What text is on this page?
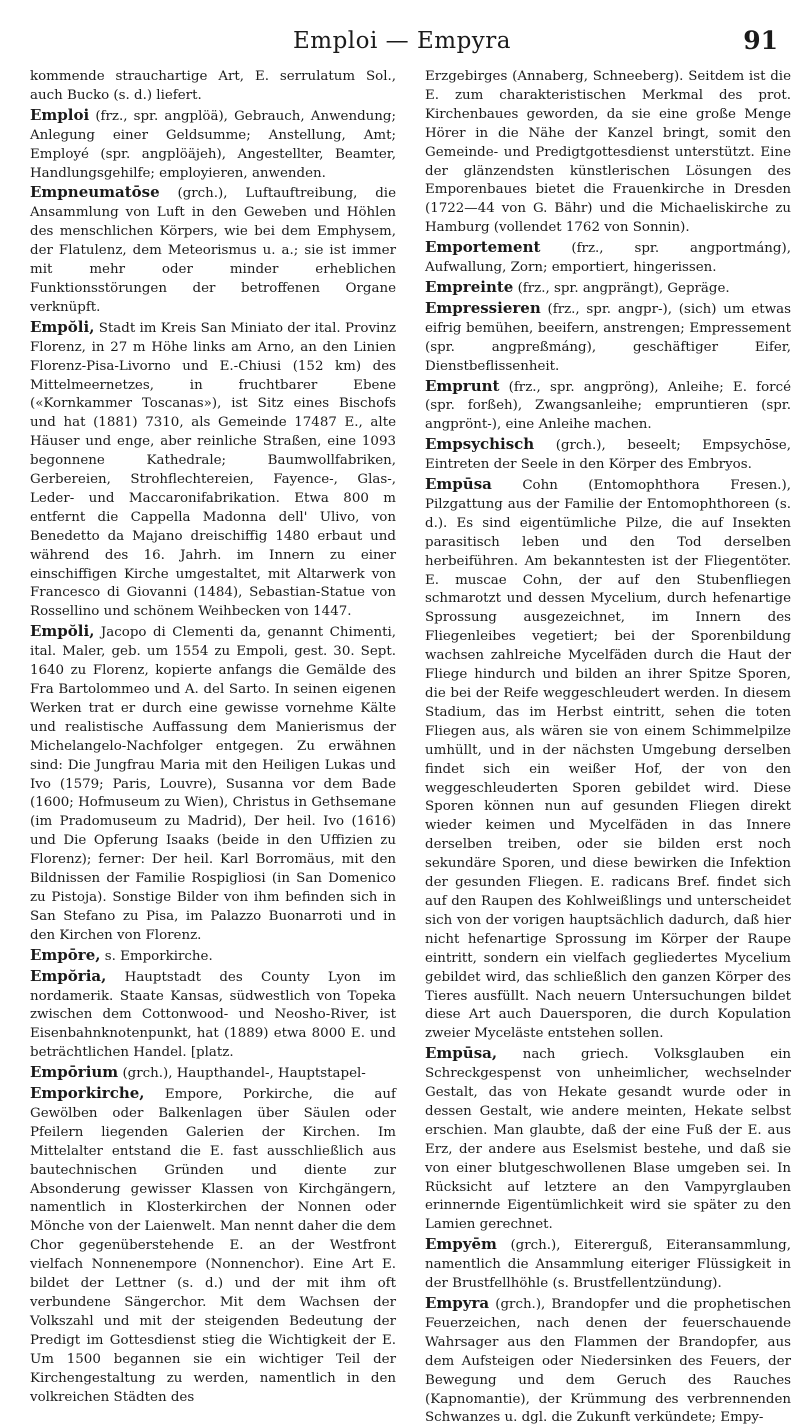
Emploi — Empyra	91

kommende strauchartige Art, E. serrulatum Sol., auch Bucko (s. d.) liefert.

Emploi (frz., spr. angplöä), Gebrauch, Anwendung; Anlegung einer Geldsumme; Anstellung, Amt; Employé (spr. angplöäjeh), Angestellter, Beamter, Handlungsgehilfe; employieren, anwenden.

Empneumatōse (grch.), Luftauftreibung, die Ansammlung von Luft in den Geweben und Höhlen des menschlichen Körpers, wie bei dem Emphysem, der Flatulenz, dem Meteorismus u. a.; sie ist immer mit mehr oder minder erheblichen Funktionsstörungen der betroffenen Organe verknüpft.

Empŏli, Stadt im Kreis San Miniato der ital. Provinz Florenz, in 27 m Höhe links am Arno, an den Linien Florenz-Pisa-Livorno und E.-Chiusi (152 km) des Mittelmeernetzes, in fruchtbarer Ebene («Kornkammer Toscanas»), ist Sitz eines Bischofs und hat (1881) 7310, als Gemeinde 17487 E., alte Häuser und enge, aber reinliche Straßen, eine 1093 begonnene Kathedrale; Baumwollfabriken, Gerbereien, Strohflechtereien, Fayence-, Glas-, Leder- und Maccaronifabrikation. Etwa 800 m entfernt die Cappella Madonna dell' Ulivo, von Benedetto da Majano dreischiffig 1480 erbaut und während des 16. Jahrh. im Innern zu einer einschiffigen Kirche umgestaltet, mit Altarwerk von Francesco di Giovanni (1484), Sebastian-Statue von Rossellino und schönem Weihbecken von 1447.

Empŏli, Jacopo di Clementi da, genannt Chimenti, ital. Maler, geb. um 1554 zu Empoli, gest. 30. Sept. 1640 zu Florenz, kopierte anfangs die Gemälde des Fra Bartolommeo und A. del Sarto. In seinen eigenen Werken trat er durch eine gewisse vornehme Kälte und realistische Auffassung dem Manierismus der Michelangelo-Nachfolger entgegen. Zu erwähnen sind: Die Jungfrau Maria mit den Heiligen Lukas und Ivo (1579; Paris, Louvre), Susanna vor dem Bade (1600; Hofmuseum zu Wien), Christus in Gethsemane (im Pradomuseum zu Madrid), Der heil. Ivo (1616) und Die Opferung Isaaks (beide in den Uffizien zu Florenz); ferner: Der heil. Karl Borromäus, mit den Bildnissen der Familie Rospigliosi (in San Domenico zu Pistoja). Sonstige Bilder von ihm befinden sich in San Stefano zu Pisa, im Palazzo Buonarroti und in den Kirchen von Florenz.

Empōre, s. Emporkirche.

Empŏria, Hauptstadt des County Lyon im nordamerik. Staate Kansas, südwestlich von Topeka zwischen dem Cottonwood- und Neosho-River, ist Eisenbahnknotenpunkt, hat (1889) etwa 8000 E. und beträchtlichen Handel. [platz.

Empōrium (grch.), Haupthandel-, Hauptstapel-

Emporkirche, Empore, Porkirche, die auf Gewölben oder Balkenlagen über Säulen oder Pfeilern liegenden Galerien der Kirchen. Im Mittelalter entstand die E. fast ausschließlich aus bautechnischen Gründen und diente zur Absonderung gewisser Klassen von Kirchgängern, namentlich in Klosterkirchen der Nonnen oder Mönche von der Laienwelt. Man nennt daher die dem Chor gegenüberstehende E. an der Westfront vielfach Nonnenempore (Nonnenchor). Eine Art E. bildet der Lettner (s. d.) und der mit ihm oft verbundene Sängerchor. Mit dem Wachsen der Volkszahl und mit der steigenden Bedeutung der Predigt im Gottesdienst stieg die Wichtigkeit der E. Um 1500 begannen sie ein wichtiger Teil der Kirchengestaltung zu werden, namentlich in den volkreichen Städten des

Erzgebirges (Annaberg, Schneeberg). Seitdem ist die E. zum charakteristischen Merkmal des prot. Kirchenbaues geworden, da sie eine große Menge Hörer in die Nähe der Kanzel bringt, somit den Gemeinde- und Predigtgottesdienst unterstützt. Eine der glänzendsten künstlerischen Lösungen des Emporenbaues bietet die Frauenkirche in Dresden (1722—44 von G. Bähr) und die Michaeliskirche zu Hamburg (vollendet 1762 von Sonnin).

Emportement (frz., spr. angportmáng), Aufwallung, Zorn; emportiert, hingerissen.

Empreinte (frz., spr. angprängt), Gepräge.

Empressieren (frz., spr. angpr-), (sich) um etwas eifrig bemühen, beeifern, anstrengen; Empressement (spr. angpreßmáng), geschäftiger Eifer, Dienstbeflissenheit.

Emprunt (frz., spr. angpröng), Anleihe; E. forcé (spr. forßeh), Zwangsanleihe; empruntieren (spr. angprönt-), eine Anleihe machen.

Empsychisch (grch.), beseelt; Empsychōse, Eintreten der Seele in den Körper des Embryos.

Empūsa Cohn (Entomophthora Fresen.), Pilzgattung aus der Familie der Entomophthoreen (s. d.). Es sind eigentümliche Pilze, die auf Insekten parasitisch leben und den Tod derselben herbeiführen. Am bekanntesten ist der Fliegentöter. E. muscae Cohn, der auf den Stubenfliegen schmarotzt und dessen Mycelium, durch hefenartige Sprossung ausgezeichnet, im Innern des Fliegenleibes vegetiert; bei der Sporenbildung wachsen zahlreiche Mycelfäden durch die Haut der Fliege hindurch und bilden an ihrer Spitze Sporen, die bei der Reife weggeschleudert werden. In diesem Stadium, das im Herbst eintritt, sehen die toten Fliegen aus, als wären sie von einem Schimmelpilze umhüllt, und in der nächsten Umgebung derselben findet sich ein weißer Hof, der von den weggeschleuderten Sporen gebildet wird. Diese Sporen können nun auf gesunden Fliegen direkt wieder keimen und Mycelfäden in das Innere derselben treiben, oder sie bilden erst noch sekundäre Sporen, und diese bewirken die Infektion der gesunden Fliegen. E. radicans Bref. findet sich auf den Raupen des Kohlweißlings und unterscheidet sich von der vorigen hauptsächlich dadurch, daß hier nicht hefenartige Sprossung im Körper der Raupe eintritt, sondern ein vielfach gegliedertes Mycelium gebildet wird, das schließlich den ganzen Körper des Tieres ausfüllt. Nach neuern Untersuchungen bildet diese Art auch Dauersporen, die durch Kopulation zweier Myceläste entstehen sollen.

Empūsa, nach griech. Volksglauben ein Schreckgespenst von unheimlicher, wechselnder Gestalt, das von Hekate gesandt wurde oder in dessen Gestalt, wie andere meinten, Hekate selbst erschien. Man glaubte, daß der eine Fuß der E. aus Erz, der andere aus Eselsmist bestehe, und daß sie von einer blutgeschwollenen Blase umgeben sei. In Rücksicht auf letztere an den Vampyrglauben erinnernde Eigentümlichkeit wird sie später zu den Lamien gerechnet.

Empyēm (grch.), Eitererguß, Eiteransammlung, namentlich die Ansammlung eiteriger Flüssigkeit in der Brustfellhöhle (s. Brustfellentzündung).

Empyra (grch.), Brandopfer und die prophetischen Feuerzeichen, nach denen der feuerschauende Wahrsager aus den Flammen der Brandopfer, aus dem Aufsteigen oder Niedersinken des Feuers, der Bewegung und dem Geruch des Rauches (Kapnomantie), der Krümmung des verbrennenden Schwanzes u. dgl. die Zukunft verkündete; Empy-
